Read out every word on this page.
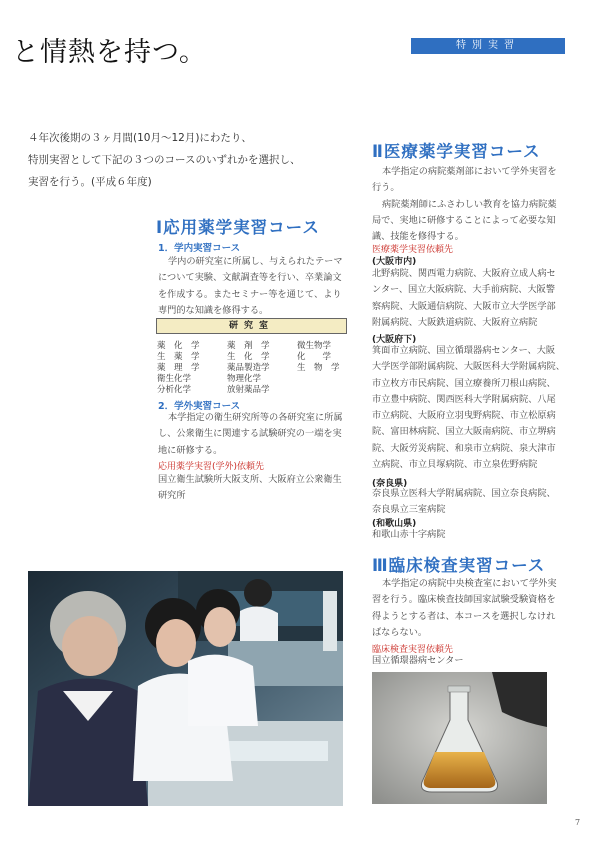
と情熱を持つ。	特別実習
４年次後期の３ヶ月間(10月～12月)にわたり、
特別実習として下記の３つのコースのいずれかを選択し、
実習を行う。(平成６年度)
Ⅰ応用薬学実習コース
1．学内実習コース
学内の研究室に所属し、与えられたテーマ
について実験、文献調査等を行い、卒業論文
を作成する。またセミナー等を通じて、より
専門的な知識を修得する。
研究室
薬　化　学	薬　剤　学	微生物学
生　薬　学	生　化　学	化　　学
薬　理　学	薬品製造学	生　物　学
衛生化学	物理化学
分析化学	放射薬品学
2．学外実習コース
本学指定の衛生研究所等の各研究室に所属
し、公衆衛生に関連する試験研究の一端を実
地に研修する。
応用薬学実習(学外)依頼先
国立衛生試験所大阪支所、大阪府立公衆衛生
研究所
Ⅱ医療薬学実習コース
本学指定の病院薬剤部において学外実習を
行う。
病院薬剤師にふさわしい教育を協力病院薬
局で、実地に研修することによって必要な知
識、技能を修得する。
医療薬学実習依頼先
(大阪市内)
北野病院、関西電力病院、大阪府立成人病セ
ンター、国立大阪病院、大手前病院、大阪警
察病院、大阪通信病院、大阪市立大学医学部
附属病院、大阪鉄道病院、大阪府立病院
(大阪府下)
箕面市立病院、国立循環器病センター、大阪
大学医学部附属病院、大阪医科大学附属病院、
市立枚方市民病院、国立療養所刀根山病院、
市立豊中病院、関西医科大学附属病院、八尾
市立病院、大阪府立羽曳野病院、市立松原病
院、富田林病院、国立大阪南病院、市立堺病
院、大阪労災病院、和泉市立病院、泉大津市
立病院、市立貝塚病院、市立泉佐野病院
(奈良県)
奈良県立医科大学附属病院、国立奈良病院、
奈良県立三室病院
(和歌山県)
和歌山赤十字病院
Ⅲ臨床検査実習コース
本学指定の病院中央検査室において学外実
習を行う。臨床検査技師国家試験受験資格を
得ようとする者は、本コースを選択しなけれ
ばならない。
臨床検査実習依頼先
国立循環器病センター
7
